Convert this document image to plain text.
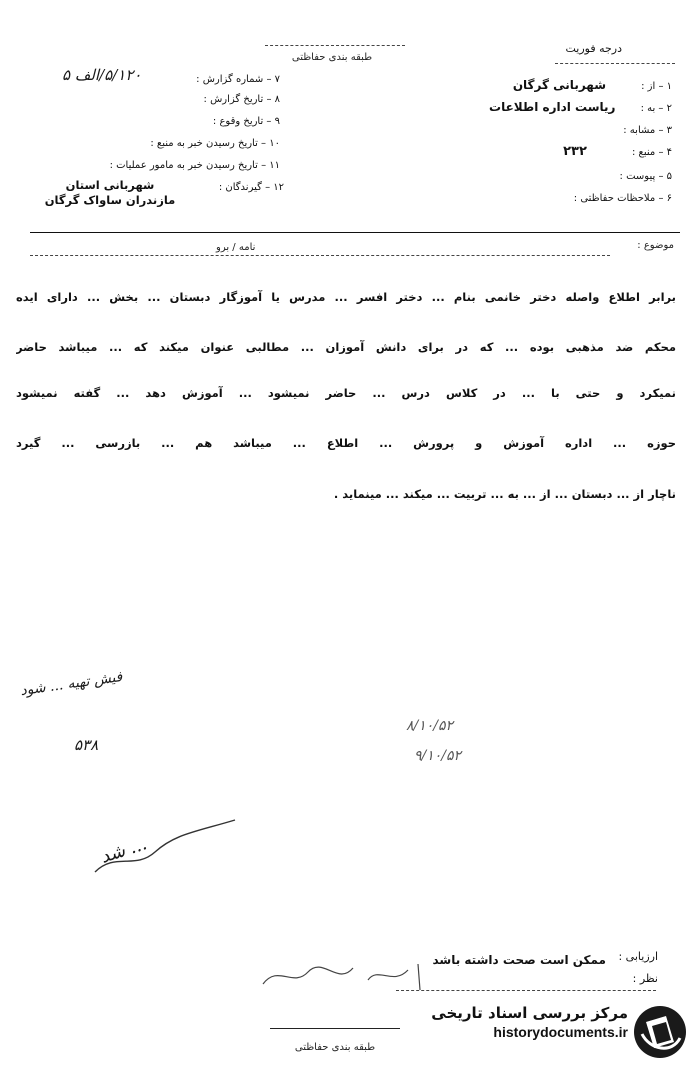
طبقه بندی حفاظتی
درجه فوریت
۱ – از : شهربانی گرگان
۲ – به : ریاست اداره اطلاعات
۳ – مشابه :
۴ – منبع : ۲۳۲
۵ – پیوست :
۶ – ملاحظات حفاظتی :
۵/۱۲۰/الف ۵	۷ – شماره گزارش :
۸ – تاریخ گزارش :
۹ – تاریخ وقوع :
۱۰ – تاریخ رسیدن خبر به منبع :
۱۱ – تاریخ رسیدن خبر به مامور عملیات :
۱۲ – گیرندگان :
شهربانی استان مازندران ساواک گرگان
موضوع :
نامه / برو
برابر اطلاع واصله دختر خانمی بنام ... دختر افسر ... مدرس یا آموزگار دبستان ... بخش ... دارای ایده
محکم ضد مذهبی بوده ... که در برای دانش آموزان ... مطالبی عنوان میکند که ... میباشد حاضر
نمیکرد و حتی با ... در کلاس درس ... حاضر نمیشود ... آموزش دهد ... گفته نمیشود
حوزه ... اداره آموزش و پرورش ... اطلاع ... میباشد هم ... بازرسی ... گیرد
ناچار از ... دبستان ... از ... به ... تربیت ... میکند ... مینماید .
فیش تهیه ... شود
۵۳۸
۸/۱۰/۵۲
۹/۱۰/۵۲
... شد
ارزیابی :
ممکن است صحت داشته باشد
نظر :
طبقه بندی حفاظتی
مرکز بررسی اسناد تاریخی
historydocuments.ir
